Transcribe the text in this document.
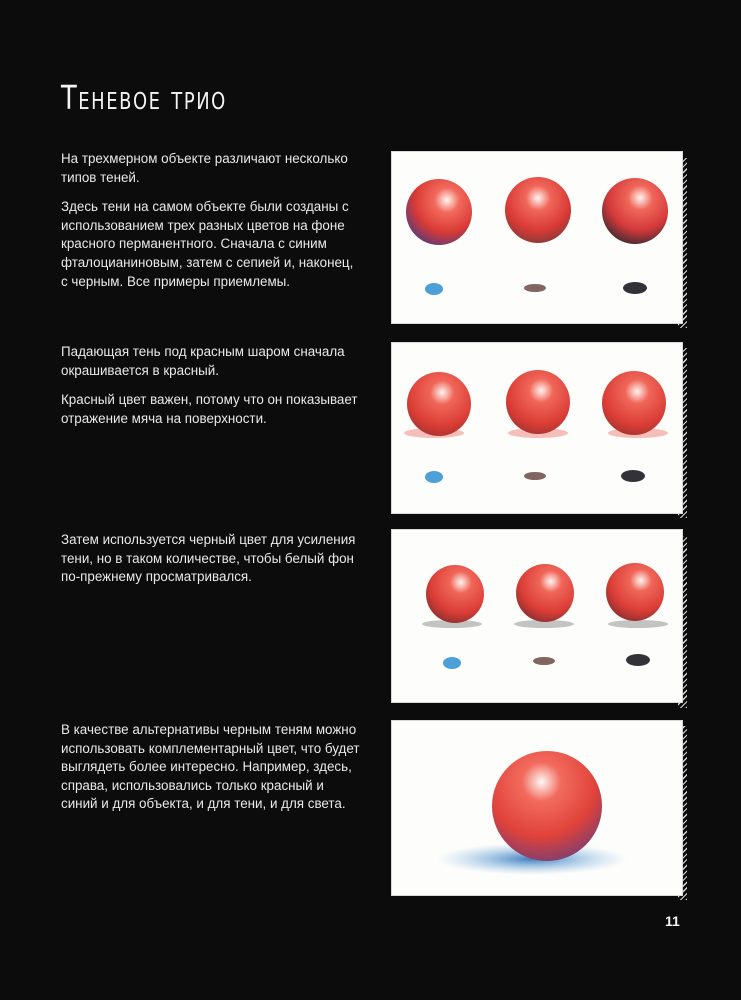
Теневое трио

На трехмерном объекте различают несколько типов теней.

Здесь тени на самом объекте были созданы с использованием трех разных цветов на фоне красного перманентного. Сначала с синим фталоцианиновым, затем с сепией и, наконец, с черным. Все примеры приемлемы.

Падающая тень под красным шаром сначала окрашивается в красный.

Красный цвет важен, потому что он показывает отражение мяча на поверхности.

Затем используется черный цвет для усиления тени, но в таком количестве, чтобы белый фон по-прежнему просматривался.

В качестве альтернативы черным теням можно использовать комплементарный цвет, что будет выглядеть более интересно. Например, здесь, справа, использовались только красный и синий и для объекта, и для тени, и для света.

11
